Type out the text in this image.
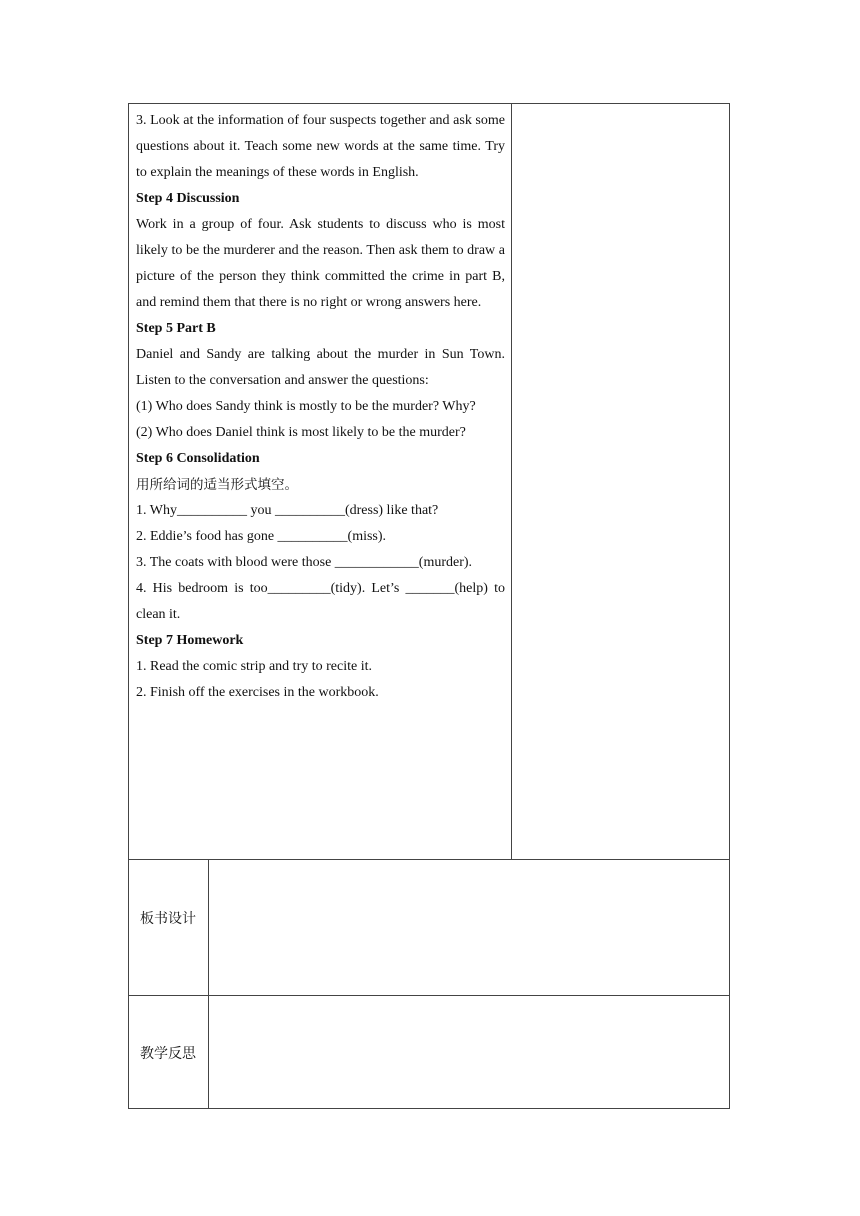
3. Look at the information of four suspects together and ask some questions about it. Teach some new words at the same time. Try to explain the meanings of these words in English.

Step 4 Discussion

Work in a group of four. Ask students to discuss who is most likely to be the murderer and the reason. Then ask them to draw a picture of the person they think committed the crime in part B, and remind them that there is no right or wrong answers here.

Step 5 Part B

Daniel and Sandy are talking about the murder in Sun Town. Listen to the conversation and answer the questions:

(1) Who does Sandy think is mostly to be the murder? Why?

(2) Who does Daniel think is most likely to be the murder?

Step 6 Consolidation

用所给词的适当形式填空。

1. Why__________ you __________(dress) like that?

2. Eddie’s food has gone __________(miss).

3. The coats with blood were those ____________(murder).

4. His bedroom is too_________(tidy). Let’s _______(help) to clean it.

Step 7 Homework

1. Read the comic strip and try to recite it.

2. Finish off the exercises in the workbook.

板书设计
教学反思
